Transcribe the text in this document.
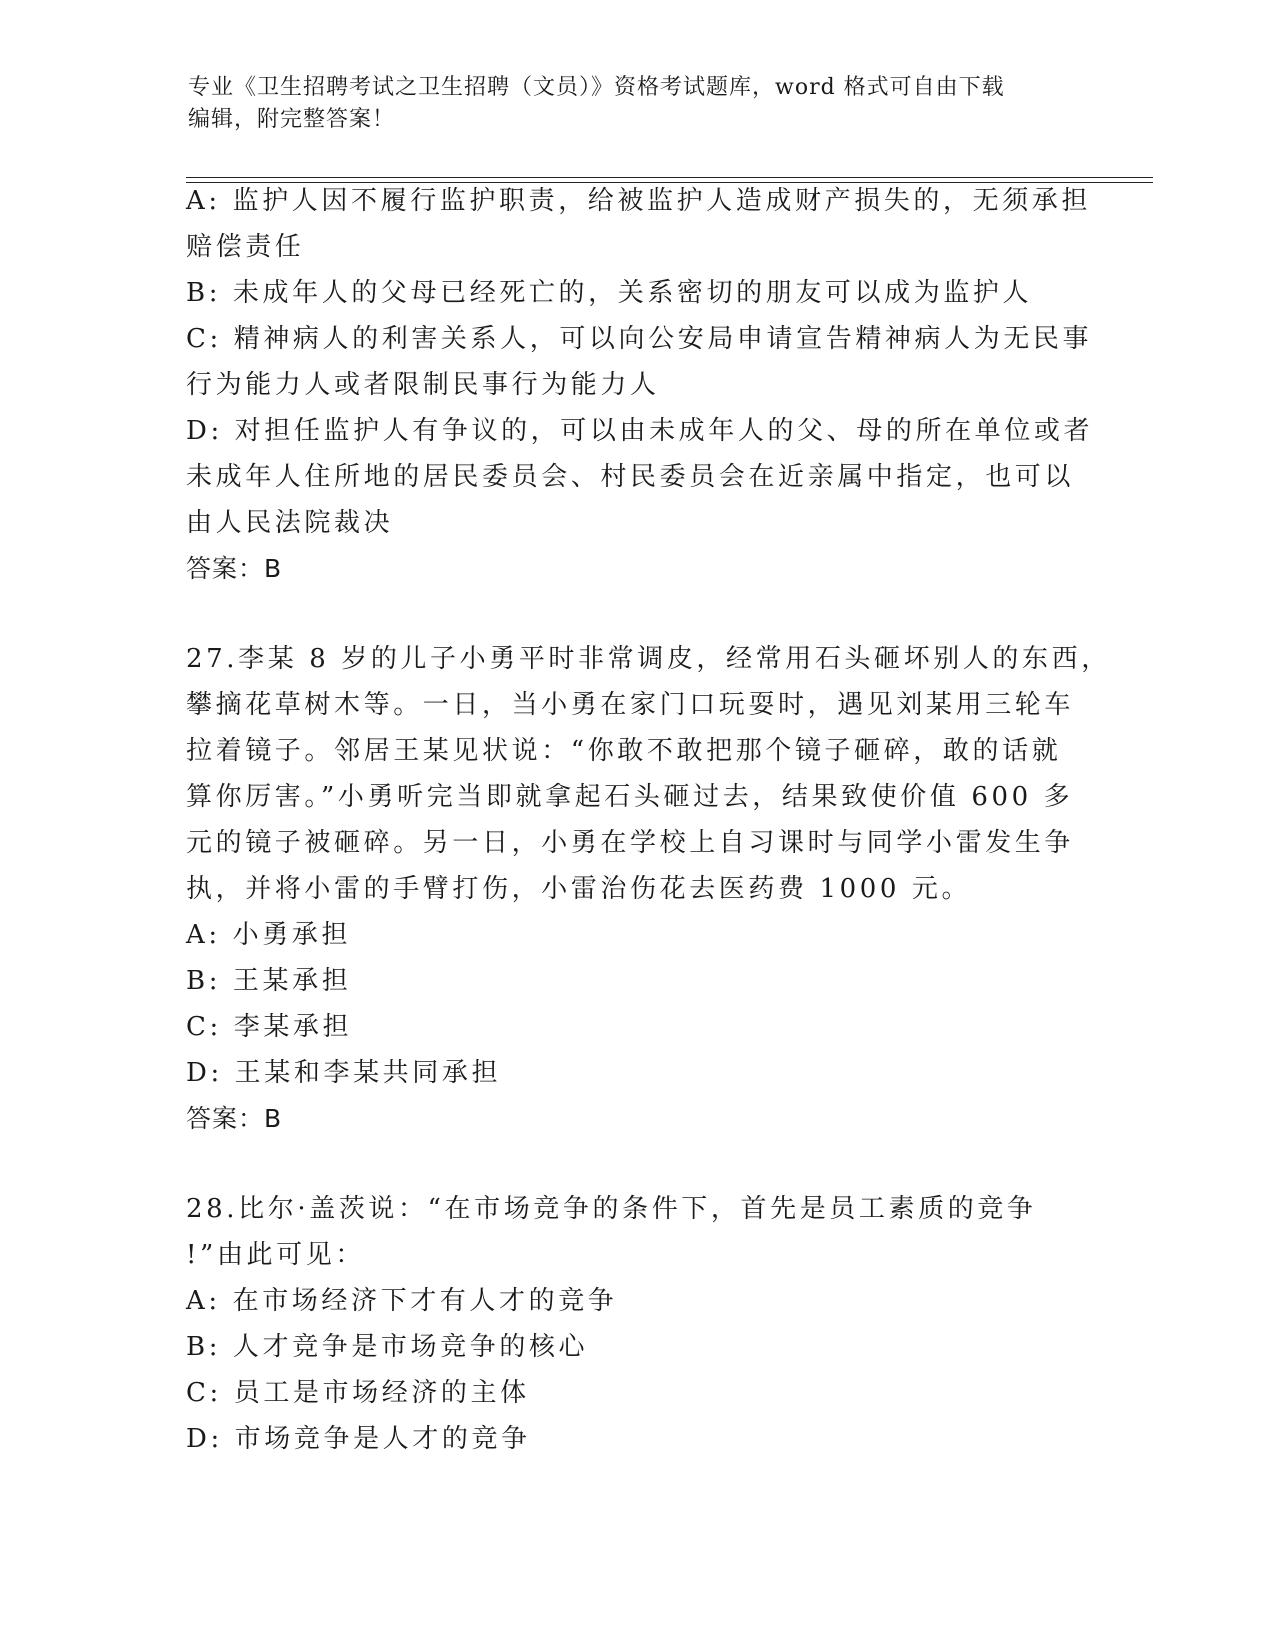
专业《卫生招聘考试之卫生招聘（文员）》资格考试题库，word 格式可自由下载
编辑，附完整答案！
A: 监护人因不履行监护职责，给被监护人造成财产损失的，无须承担
赔偿责任
B: 未成年人的父母已经死亡的，关系密切的朋友可以成为监护人
C: 精神病人的利害关系人，可以向公安局申请宣告精神病人为无民事
行为能力人或者限制民事行为能力人
D: 对担任监护人有争议的，可以由未成年人的父、母的所在单位或者
未成年人住所地的居民委员会、村民委员会在近亲属中指定，也可以
由人民法院裁决
答案：B
27.李某 8 岁的儿子小勇平时非常调皮，经常用石头砸坏别人的东西，
攀摘花草树木等。一日，当小勇在家门口玩耍时，遇见刘某用三轮车
拉着镜子。邻居王某见状说：“你敢不敢把那个镜子砸碎，敢的话就
算你厉害。”小勇听完当即就拿起石头砸过去，结果致使价值 600 多
元的镜子被砸碎。另一日，小勇在学校上自习课时与同学小雷发生争
执，并将小雷的手臂打伤，小雷治伤花去医药费 1000 元。
A: 小勇承担
B: 王某承担
C: 李某承担
D: 王某和李某共同承担
答案：B
28.比尔·盖茨说：“在市场竞争的条件下，首先是员工素质的竞争
!”由此可见：
A: 在市场经济下才有人才的竞争
B: 人才竞争是市场竞争的核心
C: 员工是市场经济的主体
D: 市场竞争是人才的竞争
